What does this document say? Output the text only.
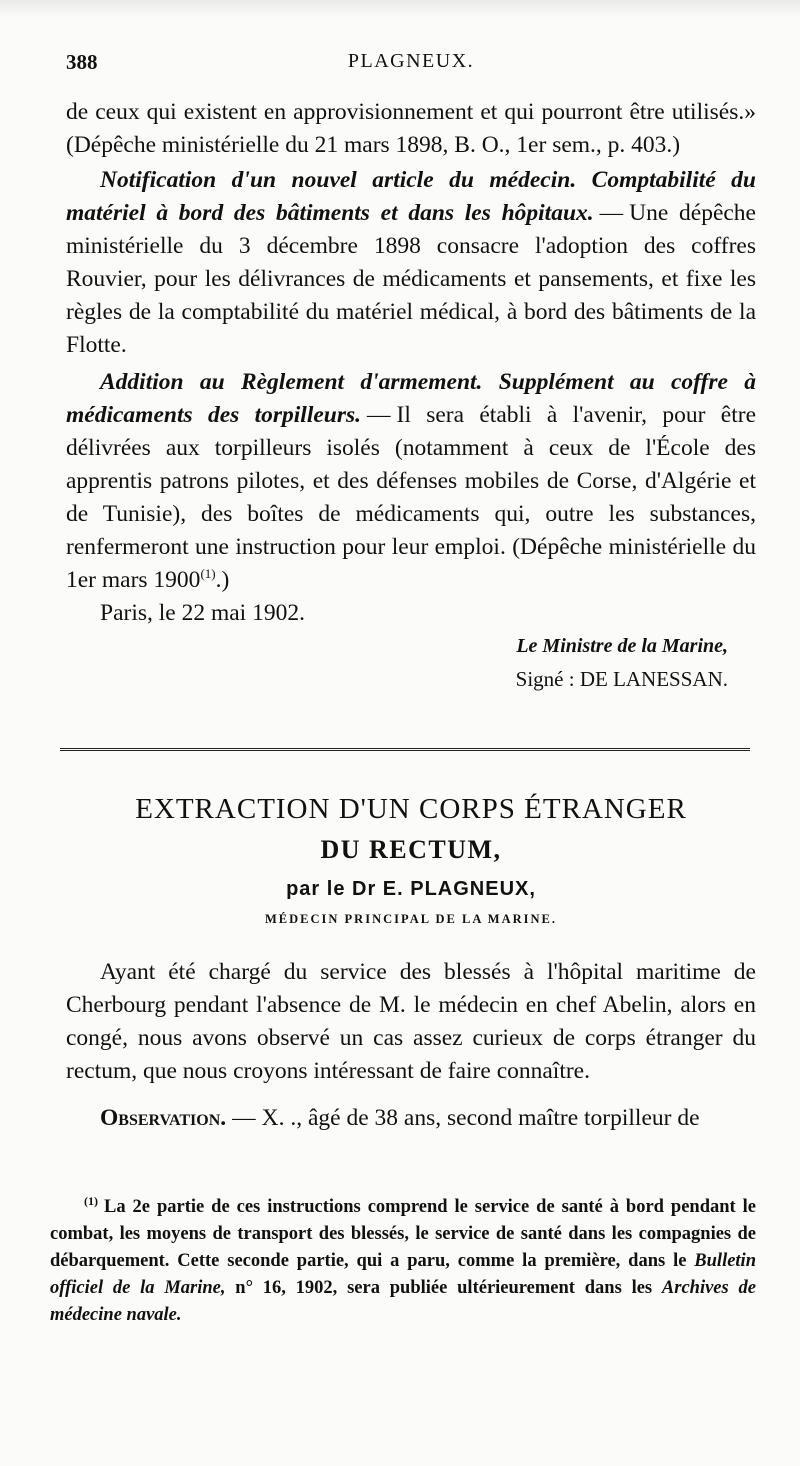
388	PLAGNEUX.

de ceux qui existent en approvisionnement et qui pourront être utilisés.» (Dépêche ministérielle du 21 mars 1898, B. O., 1er sem., p. 403.)

Notification d'un nouvel article du médecin. Comptabilité du matériel à bord des bâtiments et dans les hôpitaux. — Une dépêche ministérielle du 3 décembre 1898 consacre l'adoption des coffres Rouvier, pour les délivrances de médicaments et pansements, et fixe les règles de la comptabilité du matériel médical, à bord des bâtiments de la Flotte.

Addition au Règlement d'armement. Supplément au coffre à médicaments des torpilleurs. — Il sera établi à l'avenir, pour être délivrées aux torpilleurs isolés (notamment à ceux de l'École des apprentis patrons pilotes, et des défenses mobiles de Corse, d'Algérie et de Tunisie), des boîtes de médicaments qui, outre les substances, renfermeront une instruction pour leur emploi. (Dépêche ministérielle du 1er mars 1900$^{(1)}$.)

Paris, le 22 mai 1902.

Le Ministre de la Marine,
Signé : DE LANESSAN.
EXTRACTION D'UN CORPS ÉTRANGER
DU RECTUM,
par le Dr E. PLAGNEUX,
MÉDECIN PRINCIPAL DE LA MARINE.

Ayant été chargé du service des blessés à l'hôpital maritime de Cherbourg pendant l'absence de M. le médecin en chef Abelin, alors en congé, nous avons observé un cas assez curieux de corps étranger du rectum, que nous croyons intéressant de faire connaître.

Observation. — X. ., âgé de 38 ans, second maître torpilleur de

$^{(1)}$ La 2e partie de ces instructions comprend le service de santé à bord pendant le combat, les moyens de transport des blessés, le service de santé dans les compagnies de débarquement. Cette seconde partie, qui a paru, comme la première, dans le Bulletin officiel de la Marine, n° 16, 1902, sera publiée ultérieurement dans les Archives de médecine navale.
